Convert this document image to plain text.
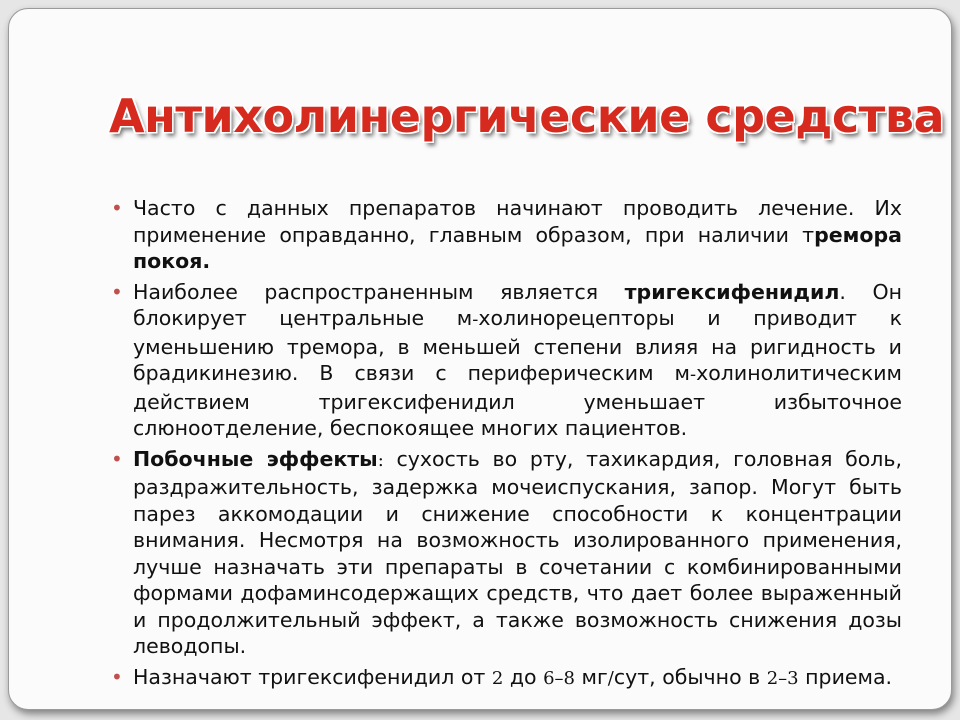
Антихолинергические средства
• Часто с данных препаратов начинают проводить лечение. Их применение оправданно, главным образом, при наличии тремора покоя.
• Наиболее распространенным является тригексифенидил. Он блокирует центральные м-холинорецепторы и приводит к уменьшению тремора, в меньшей степени влияя на ригидность и брадикинезию. В связи с периферическим м-холинолитическим действием тригексифенидил уменьшает избыточное слюноотделение, беспокоящее многих пациентов.
• Побочные эффекты: сухость во рту, тахикардия, головная боль, раздражительность, задержка мочеиспускания, запор. Могут быть парез аккомодации и снижение способности к концентрации внимания. Несмотря на возможность изолированного применения, лучше назначать эти препараты в сочетании с комбинированными формами дофаминсодержащих средств, что дает более выраженный и продолжительный эффект, а также возможность снижения дозы леводопы.
• Назначают тригексифенидил от 2 до 6–8 мг/сут, обычно в 2–3 приема.
